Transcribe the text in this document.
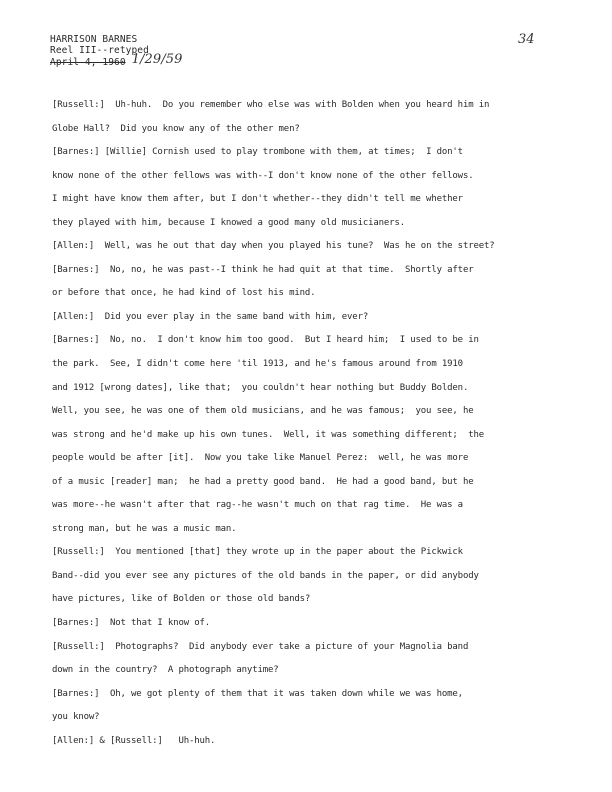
HARRISON BARNES
Reel III--retyped
April 4, 1960 1/29/59
34
[Russell:]  Uh-huh.  Do you remember who else was with Bolden when you heard him in
Globe Hall?  Did you know any of the other men?
[Barnes:] [Willie] Cornish used to play trombone with them, at times;  I don't
know none of the other fellows was with--I don't know none of the other fellows.
I might have know them after, but I don't whether--they didn't tell me whether
they played with him, because I knowed a good many old musicianers.
[Allen:]  Well, was he out that day when you played his tune?  Was he on the street?
[Barnes:]  No, no, he was past--I think he had quit at that time.  Shortly after
or before that once, he had kind of lost his mind.
[Allen:]  Did you ever play in the same band with him, ever?
[Barnes:]  No, no.  I don't know him too good.  But I heard him;  I used to be in
the park.  See, I didn't come here 'til 1913, and he's famous around from 1910
and 1912 [wrong dates], like that;  you couldn't hear nothing but Buddy Bolden.
Well, you see, he was one of them old musicians, and he was famous;  you see, he
was strong and he'd make up his own tunes.  Well, it was something different;  the
people would be after [it].  Now you take like Manuel Perez:  well, he was more
of a music [reader] man;  he had a pretty good band.  He had a good band, but he
was more--he wasn't after that rag--he wasn't much on that rag time.  He was a
strong man, but he was a music man.
[Russell:]  You mentioned [that] they wrote up in the paper about the Pickwick
Band--did you ever see any pictures of the old bands in the paper, or did anybody
have pictures, like of Bolden or those old bands?
[Barnes:]  Not that I know of.
[Russell:]  Photographs?  Did anybody ever take a picture of your Magnolia band
down in the country?  A photograph anytime?
[Barnes:]  Oh, we got plenty of them that it was taken down while we was home,
you know?
[Allen:] & [Russell:]   Uh-huh.
